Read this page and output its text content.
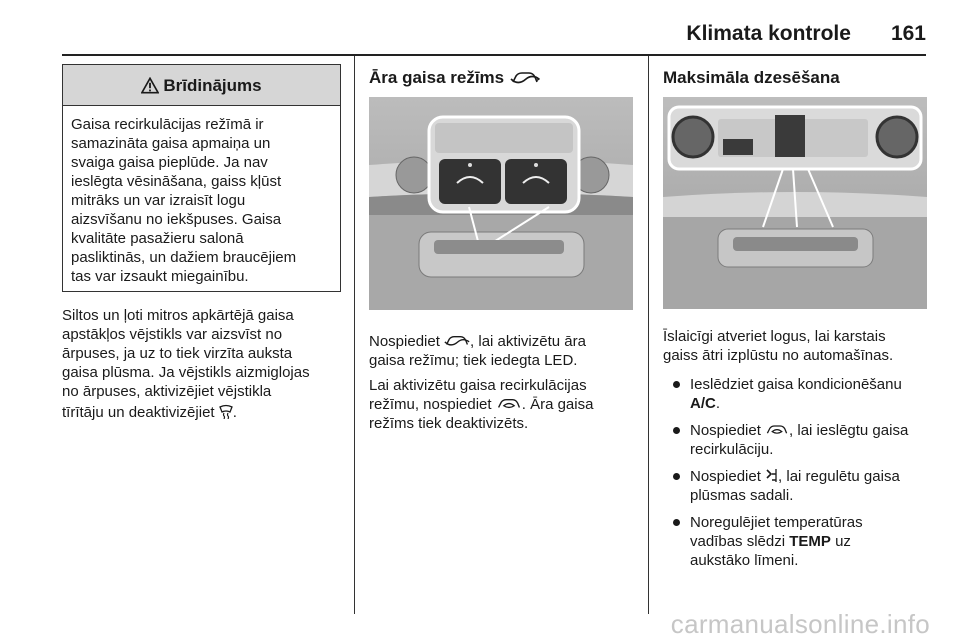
Klimata kontrole 161
Brīdinājums
Gaisa recirkulācijas režīmā ir
samazināta gaisa apmaiņa un
svaiga gaisa pieplūde. Ja nav
ieslēgta vēsināšana, gaiss kļūst
mitrāks un var izraisīt logu
aizsvīšanu no iekšpuses. Gaisa
kvalitāte pasažieru salonā
pasliktinās, un dažiem braucējiem
tas var izsaukt miegainību.
Siltos un ļoti mitros apkārtējā gaisa
apstākļos vējstikls var aizsvīst no
ārpuses, ja uz to tiek virzīta auksta
gaisa plūsma. Ja vējstikls aizmiglojas
no ārpuses, aktivizējiet vējstikla
tīrītāju un deaktivizējiet .
Āra gaisa režīms
Nospiediet , lai aktivizētu āra
gaisa režīmu; tiek iedegta LED.
Lai aktivizētu gaisa recirkulācijas
režīmu, nospiediet . Āra gaisa
režīms tiek deaktivizēts.
Maksimāla dzesēšana
Īslaicīgi atveriet logus, lai karstais
gaiss ātri izplūstu no automašīnas.
Ieslēdziet gaisa kondicionēšanu
A/C.
Nospiediet , lai ieslēgtu gaisa
recirkulāciju.
Nospiediet , lai regulētu gaisa
plūsmas sadali.
Noregulējiet temperatūras
vadības slēdzi TEMP uz
aukstāko līmeni.
carmanualsonline.info
